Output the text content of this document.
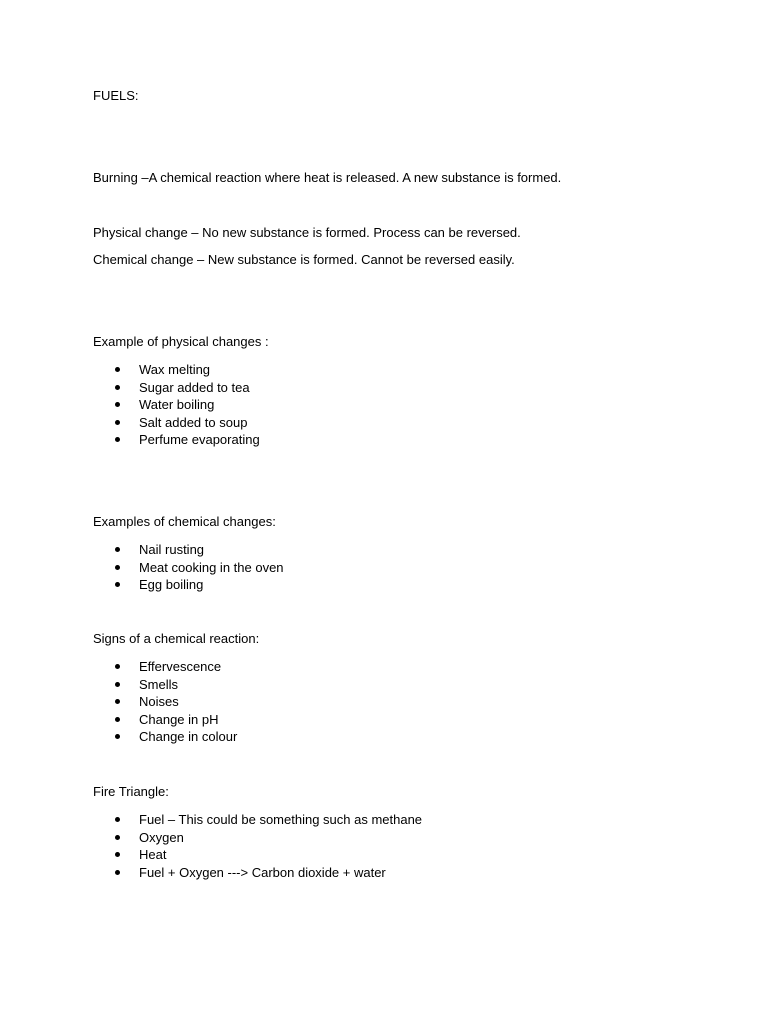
FUELS:
Burning –A chemical reaction where heat is released. A new substance is formed.
Physical change – No new substance is formed. Process can be reversed.
Chemical change – New substance is formed. Cannot be reversed easily.
Example of physical changes :
Wax melting
Sugar added to tea
Water boiling
Salt added to soup
Perfume evaporating
Examples of chemical changes:
Nail rusting
Meat cooking in the oven
Egg boiling
Signs of a chemical reaction:
Effervescence
Smells
Noises
Change in pH
Change in colour
Fire Triangle:
Fuel – This could be something such as methane
Oxygen
Heat
Fuel + Oxygen ---> Carbon dioxide + water
